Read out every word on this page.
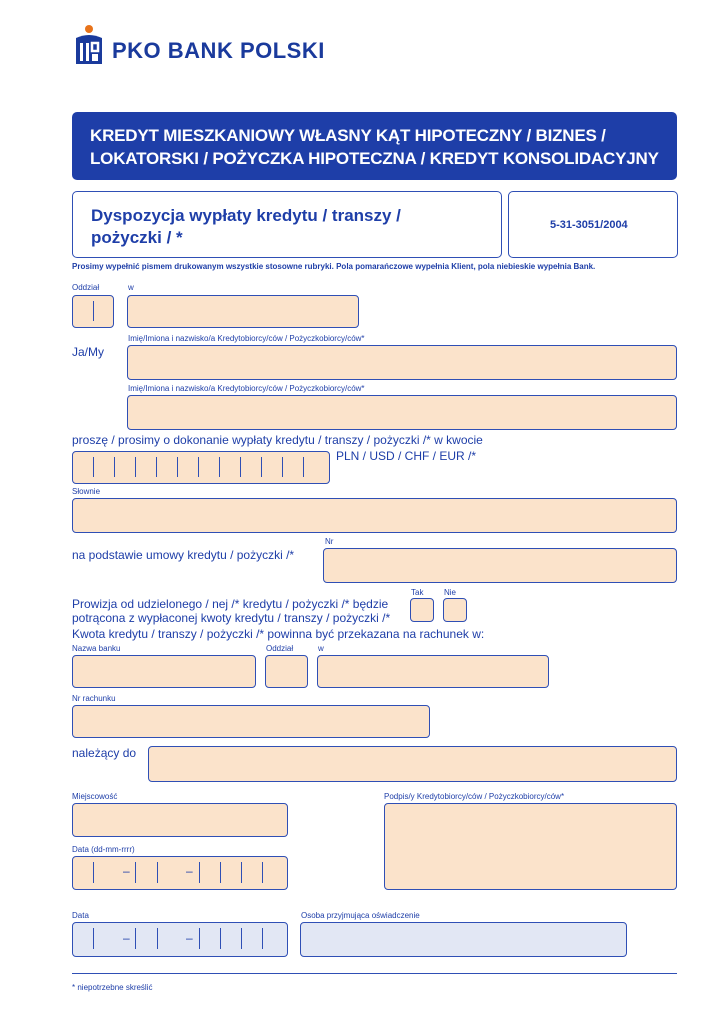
PKO BANK POLSKI
KREDYT MIESZKANIOWY WŁASNY KĄT HIPOTECZNY / BIZNES /
LOKATORSKI / POŻYCZKA HIPOTECZNA / KREDYT KONSOLIDACYJNY
Dyspozycja wypłaty kredytu / transzy /
pożyczki / *
5-31-3051/2004
Prosimy wypełnić pismem drukowanym wszystkie stosowne rubryki. Pola pomarańczowe wypełnia Klient, pola niebieskie wypełnia Bank.
Oddział	w
Imię/Imiona i nazwisko/a Kredytobiorcy/ców / Pożyczkobiorcy/ców*
Ja/My
Imię/Imiona i nazwisko/a Kredytobiorcy/ców / Pożyczkobiorcy/ców*
proszę / prosimy o dokonanie wypłaty kredytu / transzy / pożyczki /* w kwocie
PLN / USD / CHF / EUR /*
Słownie
Nr
na podstawie umowy kredytu / pożyczki /*
Tak	Nie
Prowizja od udzielonego / nej /* kredytu / pożyczki /* będzie
potrącona z wypłaconej kwoty kredytu / transzy / pożyczki /*
Kwota kredytu / transzy / pożyczki /* powinna być przekazana na rachunek w:
Nazwa banku	Oddział	w
Nr rachunku
należący do
Miejscowość	Podpis/y Kredytobiorcy/ców / Pożyczkobiorcy/ców*
Data (dd-mm-rrrr)
–	–
Data	Osoba przyjmująca oświadczenie
–	–
* niepotrzebne skreślić
